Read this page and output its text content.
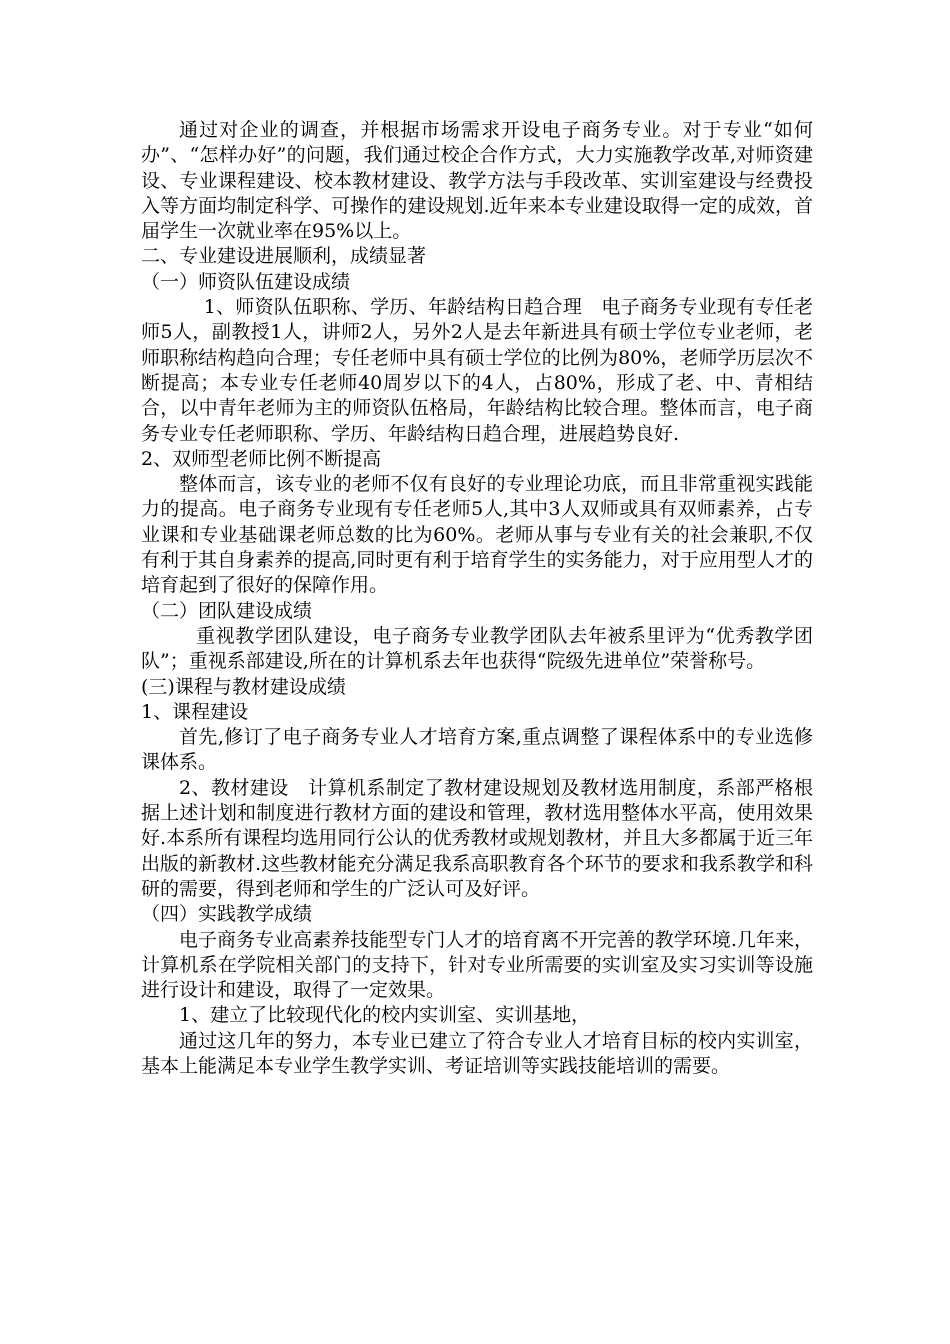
通过对企业的调查，并根据市场需求开设电子商务专业。对于专业“如何办”、“怎样办好”的问题，我们通过校企合作方式，大力实施教学改革,对师资建设、专业课程建设、校本教材建设、教学方法与手段改革、实训室建设与经费投入等方面均制定科学、可操作的建设规划.近年来本专业建设取得一定的成效，首届学生一次就业率在95%以上。

二、专业建设进展顺利，成绩显著

（一）师资队伍建设成绩

1、师资队伍职称、学历、年龄结构日趋合理　电子商务专业现有专任老师5人，副教授1人，讲师2人，另外2人是去年新进具有硕士学位专业老师，老师职称结构趋向合理；专任老师中具有硕士学位的比例为80%，老师学历层次不断提高；本专业专任老师40周岁以下的4人，占80%，形成了老、中、青相结合，以中青年老师为主的师资队伍格局，年龄结构比较合理。整体而言，电子商务专业专任老师职称、学历、年龄结构日趋合理，进展趋势良好.

2、双师型老师比例不断提高

整体而言，该专业的老师不仅有良好的专业理论功底，而且非常重视实践能力的提高。电子商务专业现有专任老师5人,其中3人双师或具有双师素养，占专业课和专业基础课老师总数的比为60%。老师从事与专业有关的社会兼职,不仅有利于其自身素养的提高,同时更有利于培育学生的实务能力，对于应用型人才的培育起到了很好的保障作用。

（二）团队建设成绩

重视教学团队建设，电子商务专业教学团队去年被系里评为“优秀教学团队”；重视系部建设,所在的计算机系去年也获得“院级先进单位”荣誉称号。

(三)课程与教材建设成绩

1、课程建设

首先,修订了电子商务专业人才培育方案,重点调整了课程体系中的专业选修课体系。

2、教材建设　计算机系制定了教材建设规划及教材选用制度，系部严格根据上述计划和制度进行教材方面的建设和管理，教材选用整体水平高，使用效果好.本系所有课程均选用同行公认的优秀教材或规划教材，并且大多都属于近三年出版的新教材.这些教材能充分满足我系高职教育各个环节的要求和我系教学和科研的需要，得到老师和学生的广泛认可及好评。

（四）实践教学成绩

电子商务专业高素养技能型专门人才的培育离不开完善的教学环境.几年来，计算机系在学院相关部门的支持下，针对专业所需要的实训室及实习实训等设施进行设计和建设，取得了一定效果。

1、建立了比较现代化的校内实训室、实训基地，

通过这几年的努力，本专业已建立了符合专业人才培育目标的校内实训室，基本上能满足本专业学生教学实训、考证培训等实践技能培训的需要。
